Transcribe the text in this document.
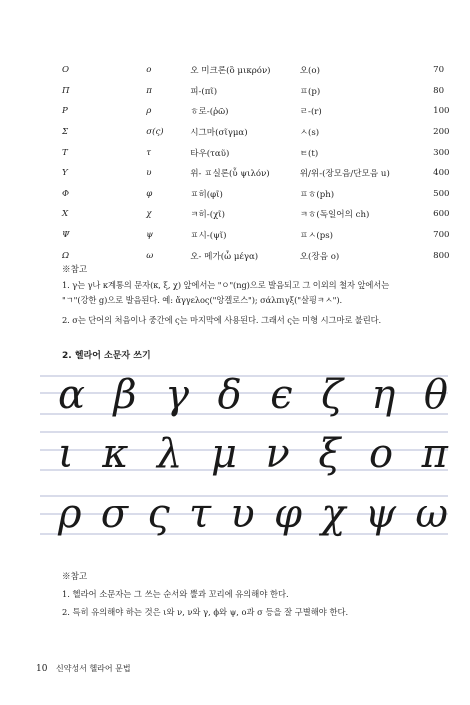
Ο	ο	오 미크론(ὂ μικρόν)	오(o)	70
Π	π	피-(πῖ)	ㅍ(p)	80
Ρ	ρ	ㅎ로-(ῥῶ)	ㄹ-(r)	100
Σ	σ(ς)	시그마(σῖγμα)	ㅅ(s)	200
Τ	τ	타우(ταῦ)	ㅌ(t)	300
Υ	υ	위- ㅍ실론(ὖ ψιλόν)	위/위-(장모음/단모음 u)	400
Φ	φ	ㅍ히(φῖ)	ㅍㅎ(ph)	500
Χ	χ	ㅋ히-(χῖ)	ㅋㅎ(독일어의 ch)	600
Ψ	ψ	ㅍ시-(ψῖ)	ㅍㅅ(ps)	700
Ω	ω	오- 메가(ὦ μέγα)	오(장음 o)	800
※참고

1. γ는 γ나 κ계통의 문자(κ, ξ, χ) 앞에서는 "ㅇ"(ng)으로 발음되고 그 이외의 철자 앞에서는

"ㄱ"(강한 g)으로 발음된다. 예: ἄγγελος("앙겔로스"); σάλπιγξ("살핑ㅋㅅ").

2. σ는 단어의 처음이나 중간에 ς는 마지막에 사용된다. 그래서 ς는 미형 시그마로 불린다.

2. 헬라어 소문자 쓰기
α β γ δ ϵ ζ η θ
ι κ λ μ ν ξ ο π
ρ σ ς τ υ φ χ ψ ω
※참고

1. 헬라어 소문자는 그 쓰는 순서와 뿔과 꼬리에 유의해야 한다.

2. 특히 유의해야 하는 것은 ι와 ν, ν와 γ, ϕ와 ψ, ο과 σ 등을 잘 구별해야 한다.

10 신약성서 헬라어 문법
